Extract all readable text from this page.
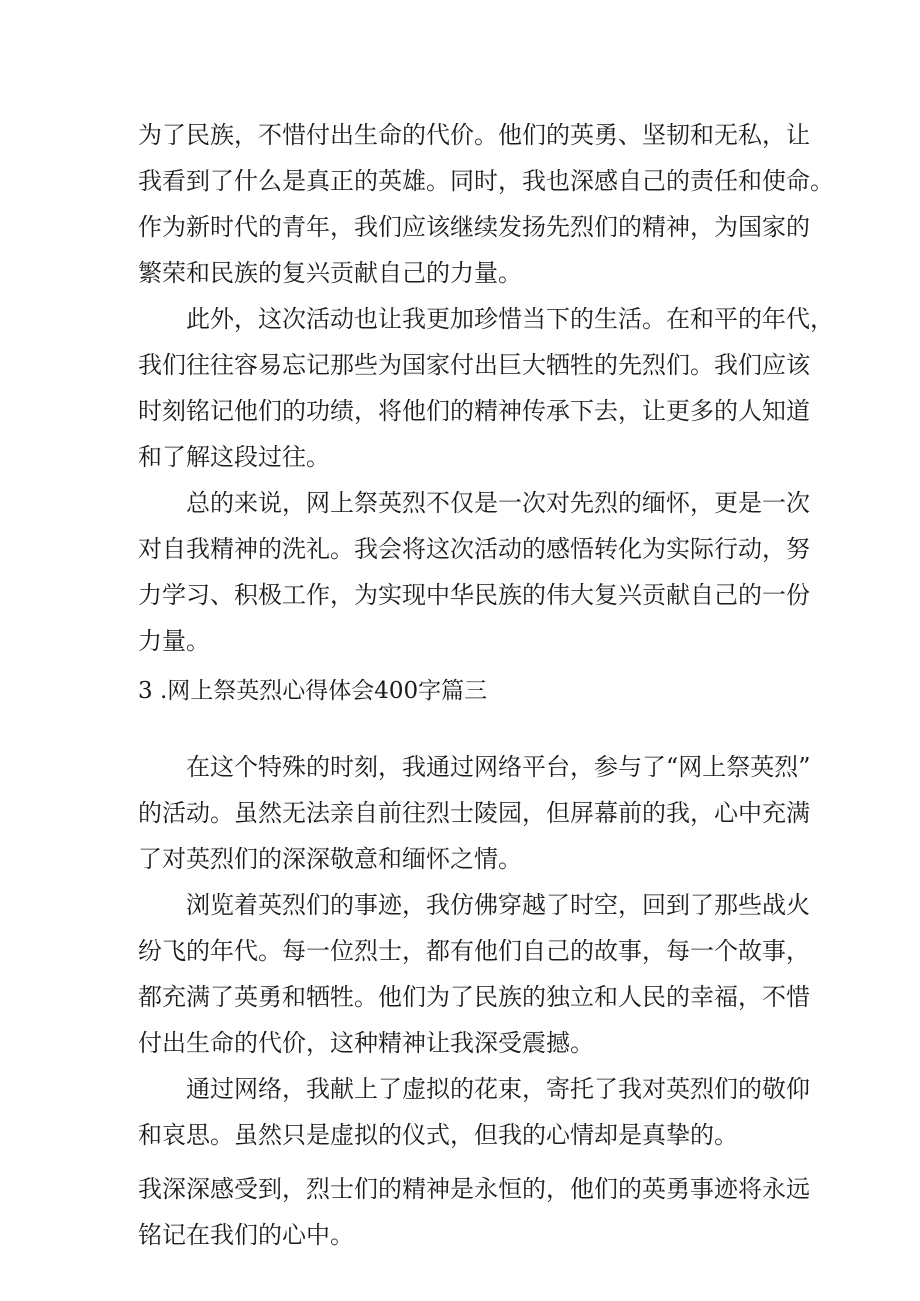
为了民族，不惜付出生命的代价。他们的英勇、坚韧和无私，让
我看到了什么是真正的英雄。同时，我也深感自己的责任和使命。
作为新时代的青年，我们应该继续发扬先烈们的精神，为国家的
繁荣和民族的复兴贡献自己的力量。
此外，这次活动也让我更加珍惜当下的生活。在和平的年代，
我们往往容易忘记那些为国家付出巨大牺牲的先烈们。我们应该
时刻铭记他们的功绩，将他们的精神传承下去，让更多的人知道
和了解这段过往。
总的来说，网上祭英烈不仅是一次对先烈的缅怀，更是一次
对自我精神的洗礼。我会将这次活动的感悟转化为实际行动，努
力学习、积极工作，为实现中华民族的伟大复兴贡献自己的一份
力量。
3 .网上祭英烈心得体会400字篇三
在这个特殊的时刻，我通过网络平台，参与了“网上祭英烈”
的活动。虽然无法亲自前往烈士陵园，但屏幕前的我，心中充满
了对英烈们的深深敬意和缅怀之情。
浏览着英烈们的事迹，我仿佛穿越了时空，回到了那些战火
纷飞的年代。每一位烈士，都有他们自己的故事，每一个故事，
都充满了英勇和牺牲。他们为了民族的独立和人民的幸福，不惜
付出生命的代价，这种精神让我深受震撼。
通过网络，我献上了虚拟的花束，寄托了我对英烈们的敬仰
和哀思。虽然只是虚拟的仪式，但我的心情却是真挚的。
我深深感受到，烈士们的精神是永恒的，他们的英勇事迹将永远
铭记在我们的心中。
